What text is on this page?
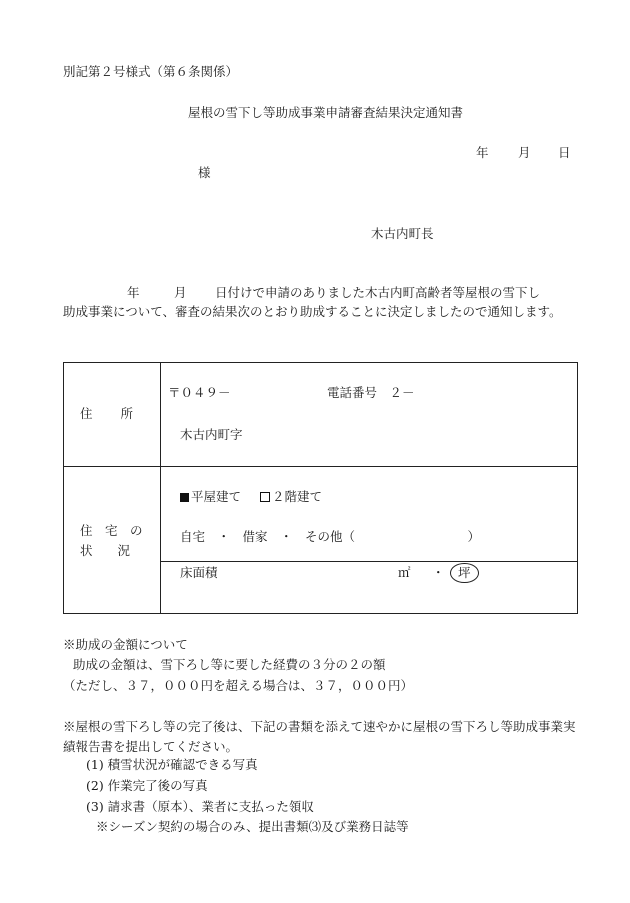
別記第２号様式（第６条関係）
屋根の雪下し等助成事業申請審査結果決定通知書
年 月 日
様
木古内町長
年	月 日付けで申請のありました木古内町高齢者等屋根の雪下し
助成事業について、審査の結果次のとおり助成することに決定しましたので通知します。
住　　所
〒０４９－	電話番号　２－
木古内町字
住　宅　の
状　　況
平屋建て	２階建て
自宅　・　借家　・　その他（　　　　　　　　　）
床面積	㎡ ・	坪
※助成の金額について
助成の金額は、雪下ろし等に要した経費の３分の２の額
（ただし、３７，０００円を超える場合は、３７，０００円）
※屋根の雪下ろし等の完了後は、下記の書類を添えて速やかに屋根の雪下ろし等助成事業実績報告書を提出してください。
(1) 積雪状況が確認できる写真
(2) 作業完了後の写真
(3) 請求書（原本）、業者に支払った領収
※シーズン契約の場合のみ、提出書類⑶及び業務日誌等
